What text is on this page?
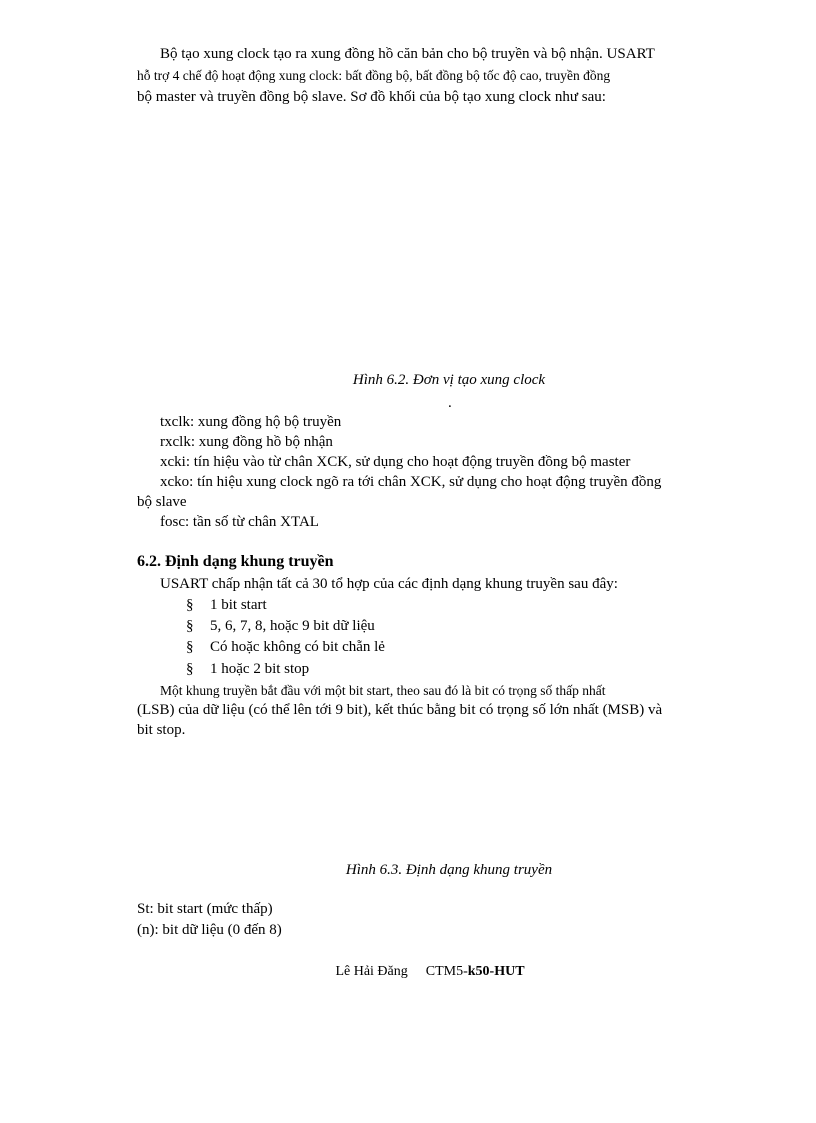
Bộ tạo xung clock tạo ra xung đồng hồ căn bản cho bộ truyền và bộ nhận. USART
hỗ trợ 4 chế độ hoạt động xung clock: bất đồng bộ, bất đồng bộ tốc độ cao, truyền đồng
bộ master và truyền đồng bộ slave. Sơ đồ khối của bộ tạo xung clock như sau:
Hình 6.2. Đơn vị tạo xung clock
.
txclk: xung đồng hộ bộ truyền
rxclk: xung đồng hồ bộ nhận
xcki: tín hiệu vào từ chân XCK, sử dụng cho hoạt động truyền đồng bộ master
xcko: tín hiệu xung clock ngõ ra tới chân XCK, sử dụng cho hoạt động truyền đồng
bộ slave
fosc: tần số từ chân XTAL
6.2. Định dạng khung truyền
USART chấp nhận tất cả 30 tổ hợp của các định dạng khung truyền sau đây:
§ 1 bit start
§ 5, 6, 7, 8, hoặc 9 bit dữ liệu
§ Có hoặc không có bit chẵn lẻ
§ 1 hoặc 2 bit stop
Một khung truyền bắt đầu với một bit start, theo sau đó là bit có trọng số thấp nhất
(LSB) của dữ liệu (có thể lên tới 9 bit), kết thúc bằng bit có trọng số lớn nhất (MSB) và
bit stop.
Hình 6.3. Định dạng khung truyền
St: bit start (mức thấp)
(n): bit dữ liệu (0 đến 8)
Lê Hải Đăng CTM5-k50-HUT
